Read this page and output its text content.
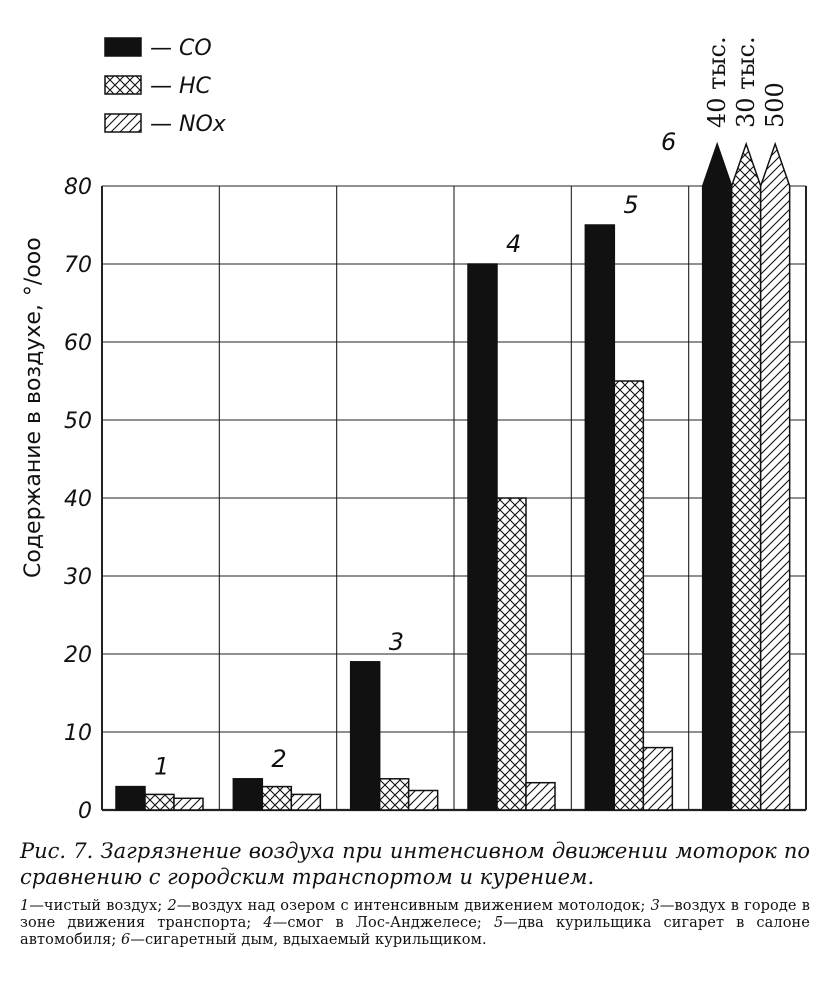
0
10
20
30
40
50
60
70
80
1	2
3
4
5
6
40 тыс. 30 тыс. 500
— CO
— HC
— NOx
Содержание в воздухе,°/ооо
Рис. 7. Загрязнение воздуха при интенсивном движении моторок по сравнению с городским транспортом и курением.
1—чистый воздух; 2—воздух над озером с интенсивным движением мотолодок; 3—воздух в городе в зоне движения транспорта; 4—смог в Лос-Анджелесе; 5—два курильщика сигарет в салоне автомобиля; 6—сигаретный дым, вдыхаемый курильщиком.
